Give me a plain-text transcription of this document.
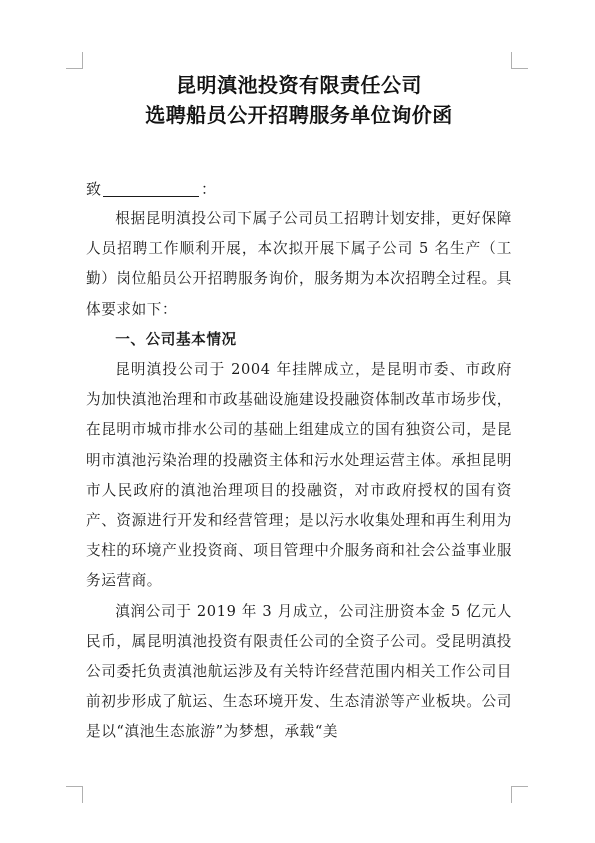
昆明滇池投资有限责任公司
选聘船员公开招聘服务单位询价函
致	：

根据昆明滇投公司下属子公司员工招聘计划安排，更好保障人员招聘工作顺利开展，本次拟开展下属子公司 5 名生产（工勤）岗位船员公开招聘服务询价，服务期为本次招聘全过程。具体要求如下：

一、公司基本情况

昆明滇投公司于 2004 年挂牌成立，是昆明市委、市政府为加快滇池治理和市政基础设施建设投融资体制改革市场步伐，在昆明市城市排水公司的基础上组建成立的国有独资公司，是昆明市滇池污染治理的投融资主体和污水处理运营主体。承担昆明市人民政府的滇池治理项目的投融资，对市政府授权的国有资产、资源进行开发和经营管理；是以污水收集处理和再生利用为支柱的环境产业投资商、项目管理中介服务商和社会公益事业服务运营商。

滇润公司于 2019 年 3 月成立，公司注册资本金 5 亿元人民币，属昆明滇池投资有限责任公司的全资子公司。受昆明滇投公司委托负责滇池航运涉及有关特许经营范围内相关工作公司目前初步形成了航运、生态环境开发、生态清淤等产业板块。公司是以“滇池生态旅游”为梦想，承载“美
